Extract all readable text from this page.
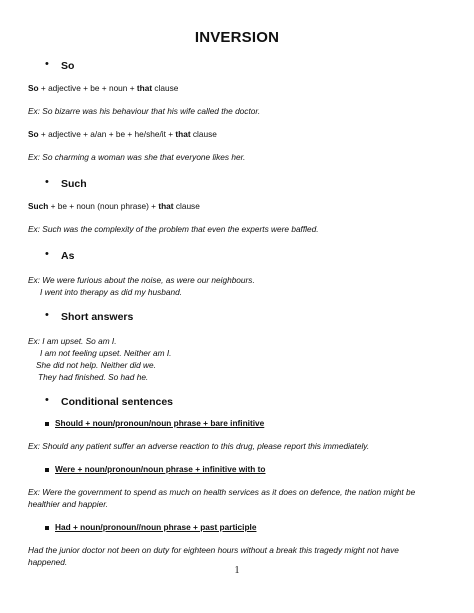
INVERSION
• So
So + adjective + be + noun + that clause
Ex: So bizarre was his behaviour that his wife called the doctor.
So + adjective + a/an + be + he/she/it + that clause
Ex: So charming a woman was she that everyone likes her.
• Such
Such + be + noun (noun phrase) + that clause
Ex: Such was the complexity of the problem that even the experts were baffled.
• As
Ex: We were furious about the noise, as were our neighbours.
I went into therapy as did my husband.
• Short answers
Ex: I am upset. So am I.
I am not feeling upset. Neither am I.
She did not help. Neither did we.
They had finished. So had he.
• Conditional sentences
Should + noun/pronoun/noun phrase + bare infinitive
Ex: Should any patient suffer an adverse reaction to this drug, please report this immediately.
Were + noun/pronoun/noun phrase + infinitive with to
Ex: Were the government to spend as much on health services as it does on defence, the nation might be
healthier and happier.
Had + noun/pronoun//noun phrase + past participle
Had the junior doctor not been on duty for eighteen hours without a break this tragedy might not have
happened.
1
